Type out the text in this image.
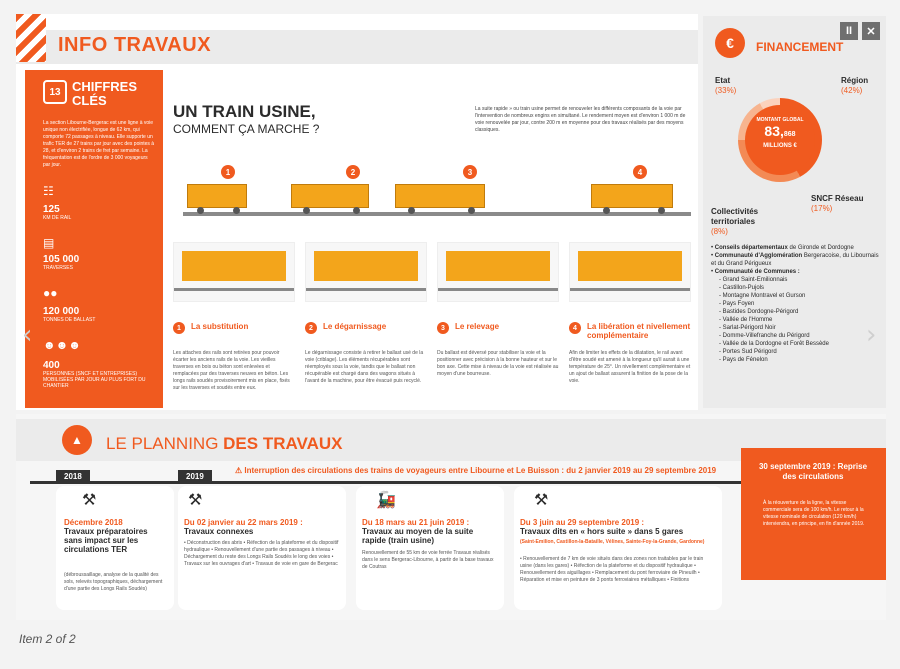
INFO TRAVAUX
13 CHIFFRES
CLÉS
La section Libourne-Bergerac est une ligne à voie unique non électrifiée, longue de 62 km, qui comporte 72 passages à niveau. Elle supporte un trafic TER de 27 trains par jour avec des pointes à 28, et d'environ 2 trains de fret par semaine. La fréquentation est de l'ordre de 3 000 voyageurs par jour.
☷
125
KM DE RAIL
▤
105 000
TRAVERSES
●●
120 000
TONNES DE BALLAST
☻☻☻
400
PERSONNES (SNCF ET ENTREPRISES) MOBILISÉES PAR JOUR AU PLUS FORT DU CHANTIER
UN TRAIN USINE,
COMMENT ÇA MARCHE ?
La suite rapide » ou train usine permet de renouveler les différents composants de la voie par l'intervention de nombreux engins en simultané. Le rendement moyen est d'environ 1 000 m de voie renouvelée par jour, contre 200 m en moyenne pour des travaux réalisés par des moyens classiques.
1	2	3	4
1	La substitution
Les attaches des rails sont retirées pour pouvoir écarter les anciens rails de la voie. Les vieilles traverses en bois ou béton sont enlevées et remplacées par des traverses neuves en béton. Les longs rails soudés provisoirement mis en place, fixés sur les traverses et soudés entre eux.
2	Le dégarnissage
Le dégarnissage consiste à retirer le ballast usé de la voie (criblage). Les éléments récupérables sont réemployés sous la voie, tandis que le ballast non récupérable est chargé dans des wagons situés à l'avant de la machine, pour être évacué puis recyclé.
3	Le relevage
Du ballast est déversé pour stabiliser la voie et la positionner avec précision à la bonne hauteur et sur le bon axe. Cette mise à niveau de la voie est réalisée au moyen d'une bourreuse.
4	La libération et nivellement complémentaire
Afin de limiter les effets de la dilatation, le rail avant d'être soudé est amené à la longueur qu'il aurait à une température de 25°. Un nivellement complémentaire et un ajout de ballast assurent la finition de la pose de la voie.
€	FINANCEMENT
MONTANT GLOBAL
83,868
MILLIONS €
Etat
(33%)
Région
(42%)
SNCF Réseau
(17%)
Collectivités territoriales
(8%)
• Conseils départementaux de Gironde et Dordogne
• Communauté d'Agglomération Bergeracoise, du Libournais et du Grand Périgueux
• Communauté de Communes :
- Grand Saint-Emilionnais
- Castillon-Pujols
- Montagne Montravel et Gurson
- Pays Foyen
- Bastides Dordogne-Périgord
- Vallée de l'Homme
- Sarlat-Périgord Noir
- Domme-Villefranche du Périgord
- Vallée de la Dordogne et Forêt Bessède
- Portes Sud Périgord
- Pays de Fénelon
▲	LE PLANNING DES TRAVAUX
2018	2019
⚠ Interruption des circulations des trains de voyageurs entre Libourne et Le Buisson : du 2 janvier 2019 au 29 septembre 2019
⚒
Décembre 2018
Travaux préparatoires sans impact sur les circulations TER
(débroussaillage, analyse de la qualité des sols, relevés topographiques, déchargement d'une partie des Longs Rails Soudés)
⚒
Du 02 janvier au 22 mars 2019 :
Travaux connexes
• Déconstruction des abris • Réfection de la plateforme et du dispositif hydraulique • Renouvellement d'une partie des passages à niveau • Déchargement du reste des Longs Rails Soudés le long des voies • Travaux sur les ouvrages d'art • Travaux de voie en gare de Bergerac
🚂
Du 18 mars au 21 juin 2019 :
Travaux au moyen de la suite rapide (train usine)
Renouvellement de 55 km de voie ferrée Travaux réalisés dans le sens Bergerac-Libourne, à partir de la base travaux de Coutras
⚒
Du 3 juin au 29 septembre 2019 :
Travaux dits en « hors suite » dans 5 gares
(Saint-Emilion, Castillon-la-Bataille, Vélines, Sainte-Foy-la-Grande, Gardonne)
• Renouvellement de 7 km de voie situés dans des zones non traitables par le train usine (dans les gares) • Réfection de la plateforme et du dispositif hydraulique • Renouvellement des aiguillages • Remplacement du pont ferroviaire de Pineuilh • Réparation et mise en peinture de 3 ponts ferroviaires métalliques • Finitions
30 septembre 2019 : Reprise des circulations
À la réouverture de la ligne, la vitesse commerciale sera de 100 km/h. Le retour à la vitesse nominale de circulation (120 km/h) interviendra, en principe, en fin d'année 2019.
II	✕
‹	›
Item 2 of 2
